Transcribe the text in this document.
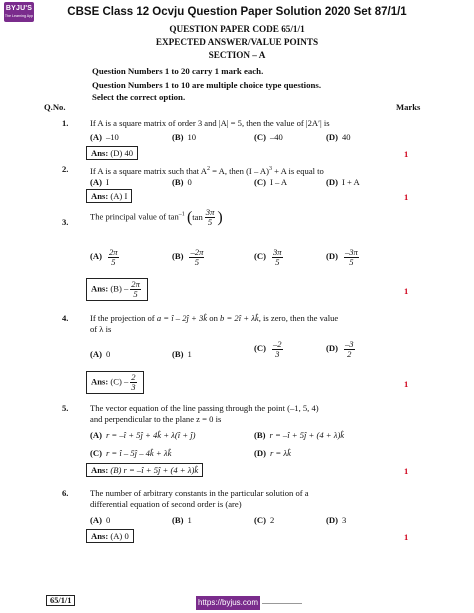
BYJU'S
The Learning App	CBSE Class 12 Ocvju Question Paper Solution 2020 Set 87/1/1
QUESTION PAPER CODE 65/1/1
EXPECTED ANSWER/VALUE POINTS
SECTION – A
Question Numbers 1 to 20 carry 1 mark each.
Question Numbers 1 to 10 are multiple choice type questions.
Select the correct option.
Q.No.	Marks
1.	If A is a square matrix of order 3 and |A| = 5, then the value of |2A′| is
(A) –10	(B) 10	(C) –40	(D) 40
Ans: (D) 40	1
2.	If A is a square matrix such that $A^2 = A$, then (I – A)$^3$ + A is equal to
(A) I	(B) 0	(C) I – A	(D) I + A
Ans: (A) I	1
3.
The principal value of $\tan^{-1} (\tan \frac{3\pi}{5}$ )
$(A) \frac{2\pi}{5}$	$(B) \frac{-2\pi}{5}$	$(C) \frac{3\pi}{5}$	$(D) \frac{-3\pi}{5}$
Ans: $(B) - \frac{2\pi}{5}$	1
4.	If the projection of a = î – 2ĵ + 3k̂ on b = 2î + λk̂, is zero, then the value
of λ is
(A) 0	(B) 1
$(C) \frac{-2}{3}$	$(D) \frac{-3}{2}$
Ans: $(C) - \frac{2}{3}$	1
5.	The vector equation of the line passing through the point (–1, 5, 4)
and perpendicular to the plane z = 0 is
(A) r = –î + 5ĵ + 4k̂ + λ(î + ĵ)	(B) r = –î + 5ĵ + (4 + λ)k̂
(C) r = î – 5ĵ – 4k̂ + λk̂	(D) r = λk̂
Ans: (B) r = –î + 5ĵ + (4 + λ)k̂	1
6.	The number of arbitrary constants in the particular solution of a
differential equation of second order is (are)
(A) 0	(B) 1	(C) 2	(D) 3
Ans: (A) 0	1
65/1/1	https://byjus.com
